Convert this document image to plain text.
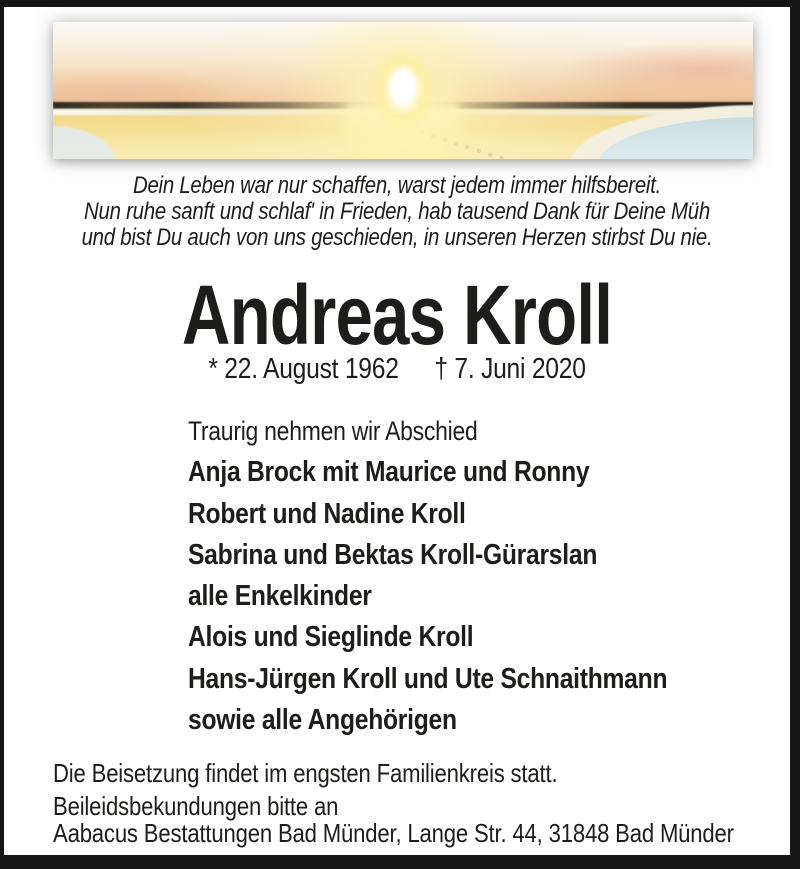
Dein Leben war nur schaffen, warst jedem immer hilfsbereit.
Nun ruhe sanft und schlaf' in Frieden, hab tausend Dank für Deine Müh
und bist Du auch von uns geschieden, in unseren Herzen stirbst Du nie.
Andreas Kroll
* 22. August 1962 † 7. Juni 2020
Traurig nehmen wir Abschied
Anja Brock mit Maurice und Ronny
Robert und Nadine Kroll
Sabrina und Bektas Kroll-Gürarslan
alle Enkelkinder
Alois und Sieglinde Kroll
Hans-Jürgen Kroll und Ute Schnaithmann
sowie alle Angehörigen
Die Beisetzung findet im engsten Familienkreis statt.
Beileidsbekundungen bitte an
Aabacus Bestattungen Bad Münder, Lange Str. 44, 31848 Bad Münder
